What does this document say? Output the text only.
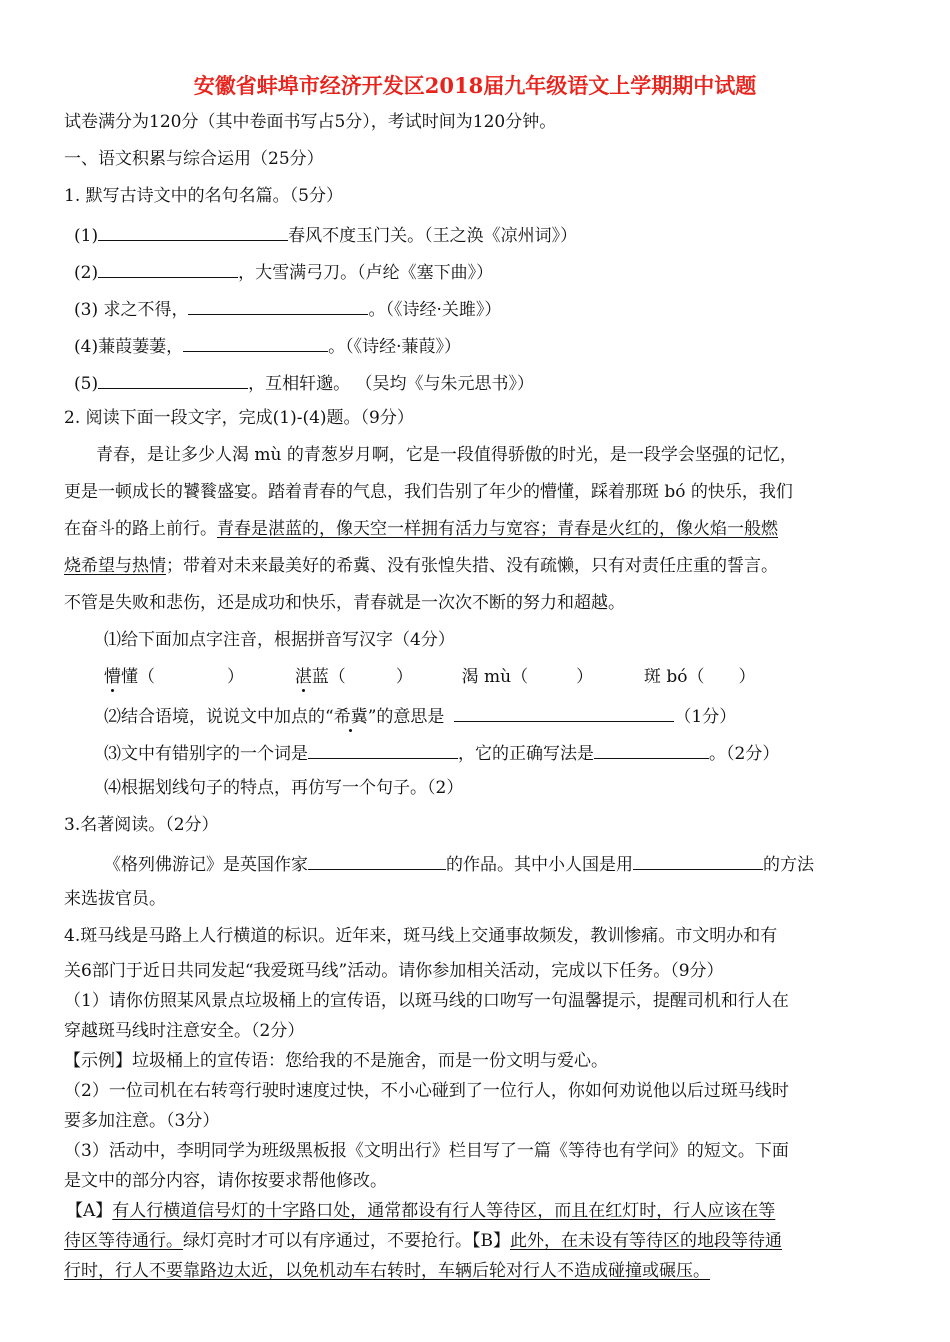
安徽省蚌埠市经济开发区2018届九年级语文上学期期中试题
试卷满分为120分（其中卷面书写占5分），考试时间为120分钟。
一、语文积累与综合运用（25分）
1. 默写古诗文中的名句名篇。（5分）
(1)	春风不度玉门关。（王之涣《凉州词》）
(2)	，大雪满弓刀。（卢纶《塞下曲》）
(3) 求之不得，	。（《诗经·关雎》）
(4)蒹葭萋萋，	。（《诗经·蒹葭》）
(5)	，互相轩邈。 （吴均《与朱元思书》）
2. 阅读下面一段文字，完成(1)-(4)题。（9分）
青春，是让多少人渴 mù 的青葱岁月啊，它是一段值得骄傲的时光，是一段学会坚强的记忆，
更是一顿成长的饕餮盛宴。踏着青春的气息，我们告别了年少的懵懂，踩着那斑 bó 的快乐，我们
在奋斗的路上前行。青春是湛蓝的，像天空一样拥有活力与宽容；青春是火红的，像火焰一般燃
烧希望与热情；带着对未来最美好的希冀、没有张惶失措、没有疏懒，只有对责任庄重的誓言。
不管是失败和悲伤，还是成功和快乐，青春就是一次次不断的努力和超越。
⑴给下面加点字注音，根据拼音写汉字（4分）
懵懂（	）	湛蓝（	）	渴 mù（	）	斑 bó（ ）
⑵结合语境，说说文中加点的“希冀”的意思是	（1分）
⑶文中有错别字的一个词是	，它的正确写法是	。（2分）
⑷根据划线句子的特点，再仿写一个句子。（2）
3.名著阅读。（2分）
《格列佛游记》是英国作家	的作品。其中小人国是用	的方法
来选拔官员。
4.斑马线是马路上人行横道的标识。近年来，斑马线上交通事故频发，教训惨痛。市文明办和有
关6部门于近日共同发起“我爱斑马线”活动。请你参加相关活动，完成以下任务。（9分）
（1）请你仿照某风景点垃圾桶上的宣传语，以斑马线的口吻写一句温馨提示，提醒司机和行人在
穿越斑马线时注意安全。（2分）
【示例】垃圾桶上的宣传语：您给我的不是施舍，而是一份文明与爱心。
（2）一位司机在右转弯行驶时速度过快，不小心碰到了一位行人，你如何劝说他以后过斑马线时
要多加注意。（3分）
（3）活动中，李明同学为班级黑板报《文明出行》栏目写了一篇《等待也有学问》的短文。下面
是文中的部分内容，请你按要求帮他修改。
【A】有人行横道信号灯的十字路口处，通常都设有行人等待区，而且在红灯时，行人应该在等
待区等待通行。绿灯亮时才可以有序通过，不要抢行。【B】此外，在未设有等待区的地段等待通
行时，行人不要靠路边太近，以免机动车右转时，车辆后轮对行人不造成碰撞或碾压。
